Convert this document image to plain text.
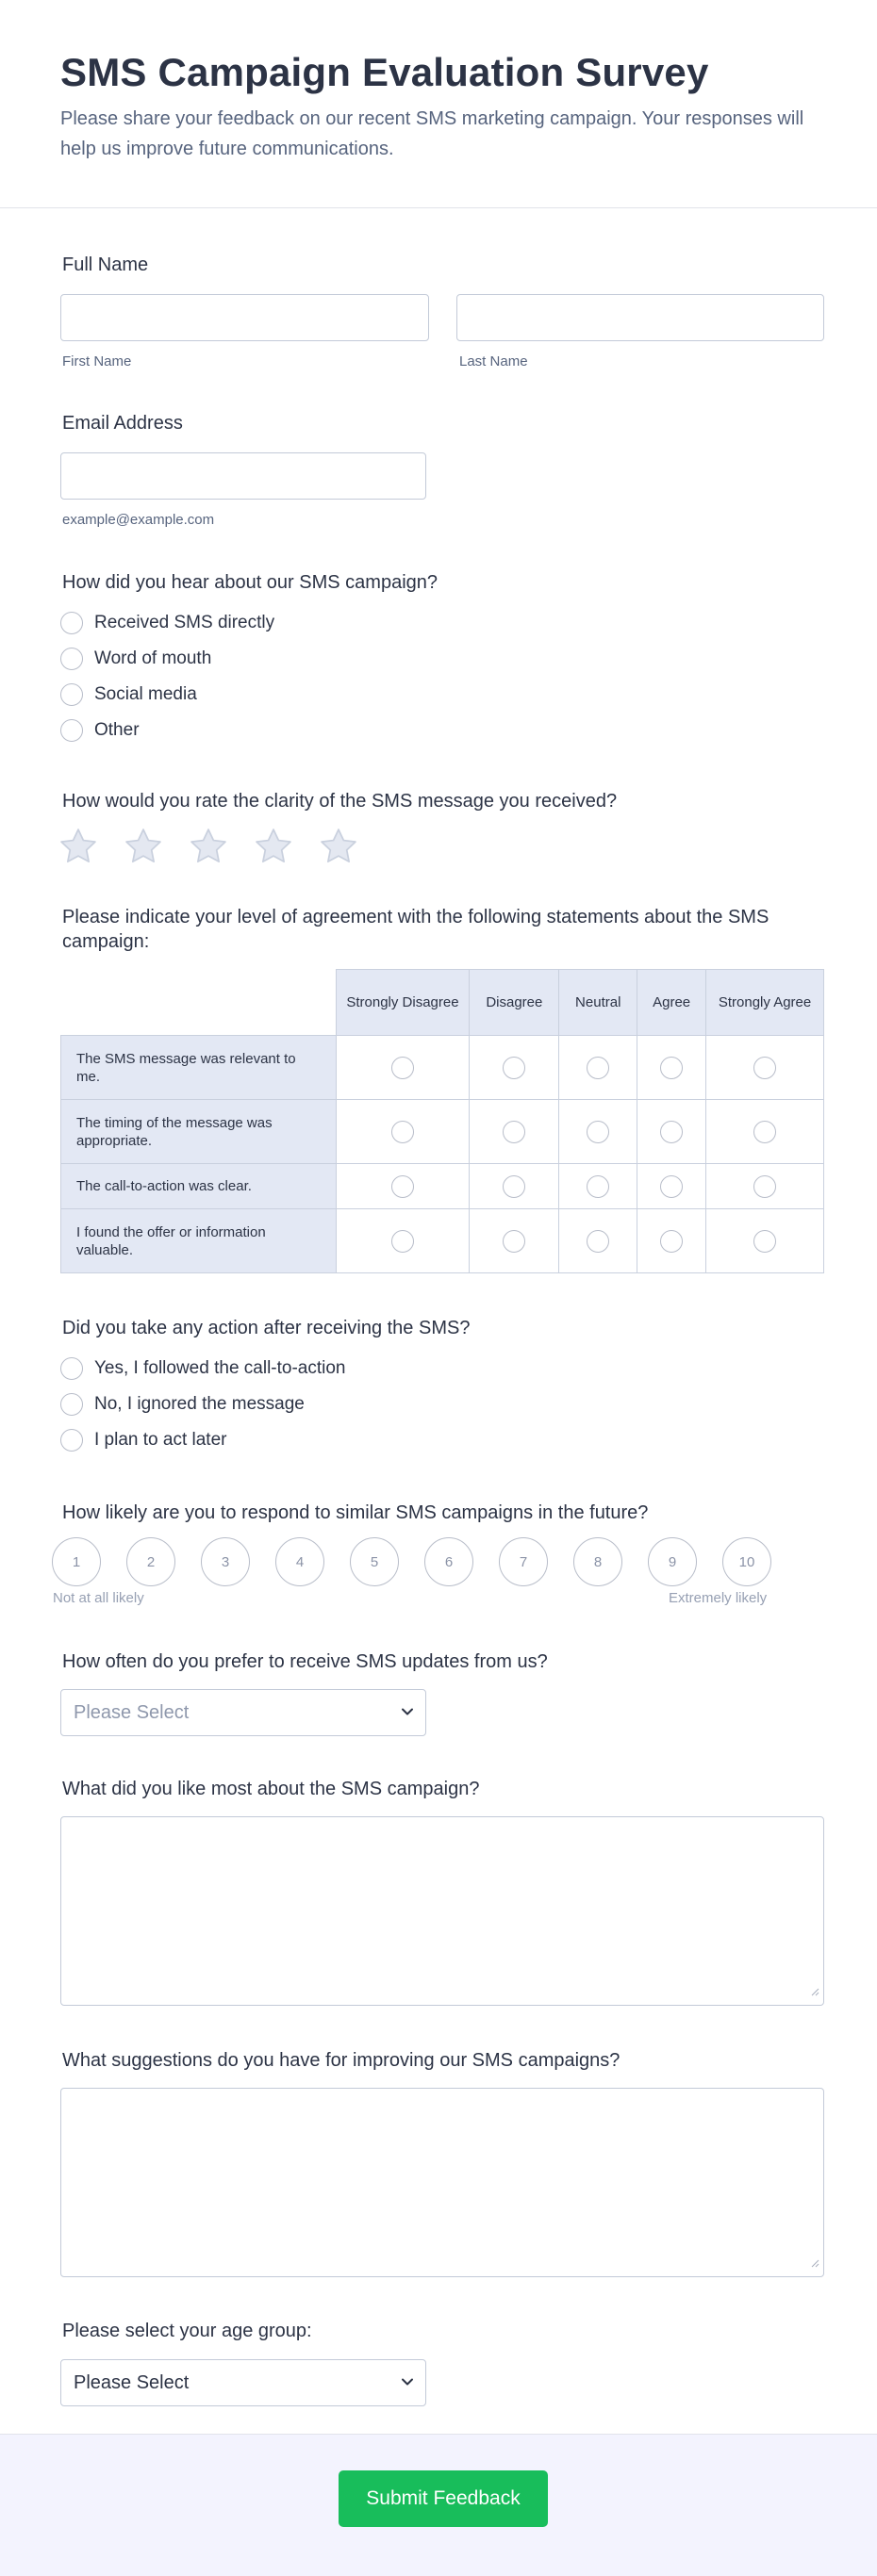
SMS Campaign Evaluation Survey
Please share your feedback on our recent SMS marketing campaign. Your responses will help us improve future communications.
Full Name
First Name	Last Name
Email Address
example@example.com
How did you hear about our SMS campaign?
Received SMS directly
Word of mouth
Social media
Other
How would you rate the clarity of the SMS message you received?
Please indicate your level of agreement with the following statements about the SMS campaign:
	Strongly Disagree	Disagree	Neutral	Agree	Strongly Agree
The SMS message was relevant to me.					
The timing of the message was appropriate.					
The call-to-action was clear.					
I found the offer or information valuable.					
Did you take any action after receiving the SMS?
Yes, I followed the call-to-action
No, I ignored the message
I plan to act later
How likely are you to respond to similar SMS campaigns in the future?
1	2	3	4	5	6	7	8	9	10
Not at all likely	Extremely likely
How often do you prefer to receive SMS updates from us?
Please Select
What did you like most about the SMS campaign?
What suggestions do you have for improving our SMS campaigns?
Please select your age group:
Please Select
Submit Feedback
